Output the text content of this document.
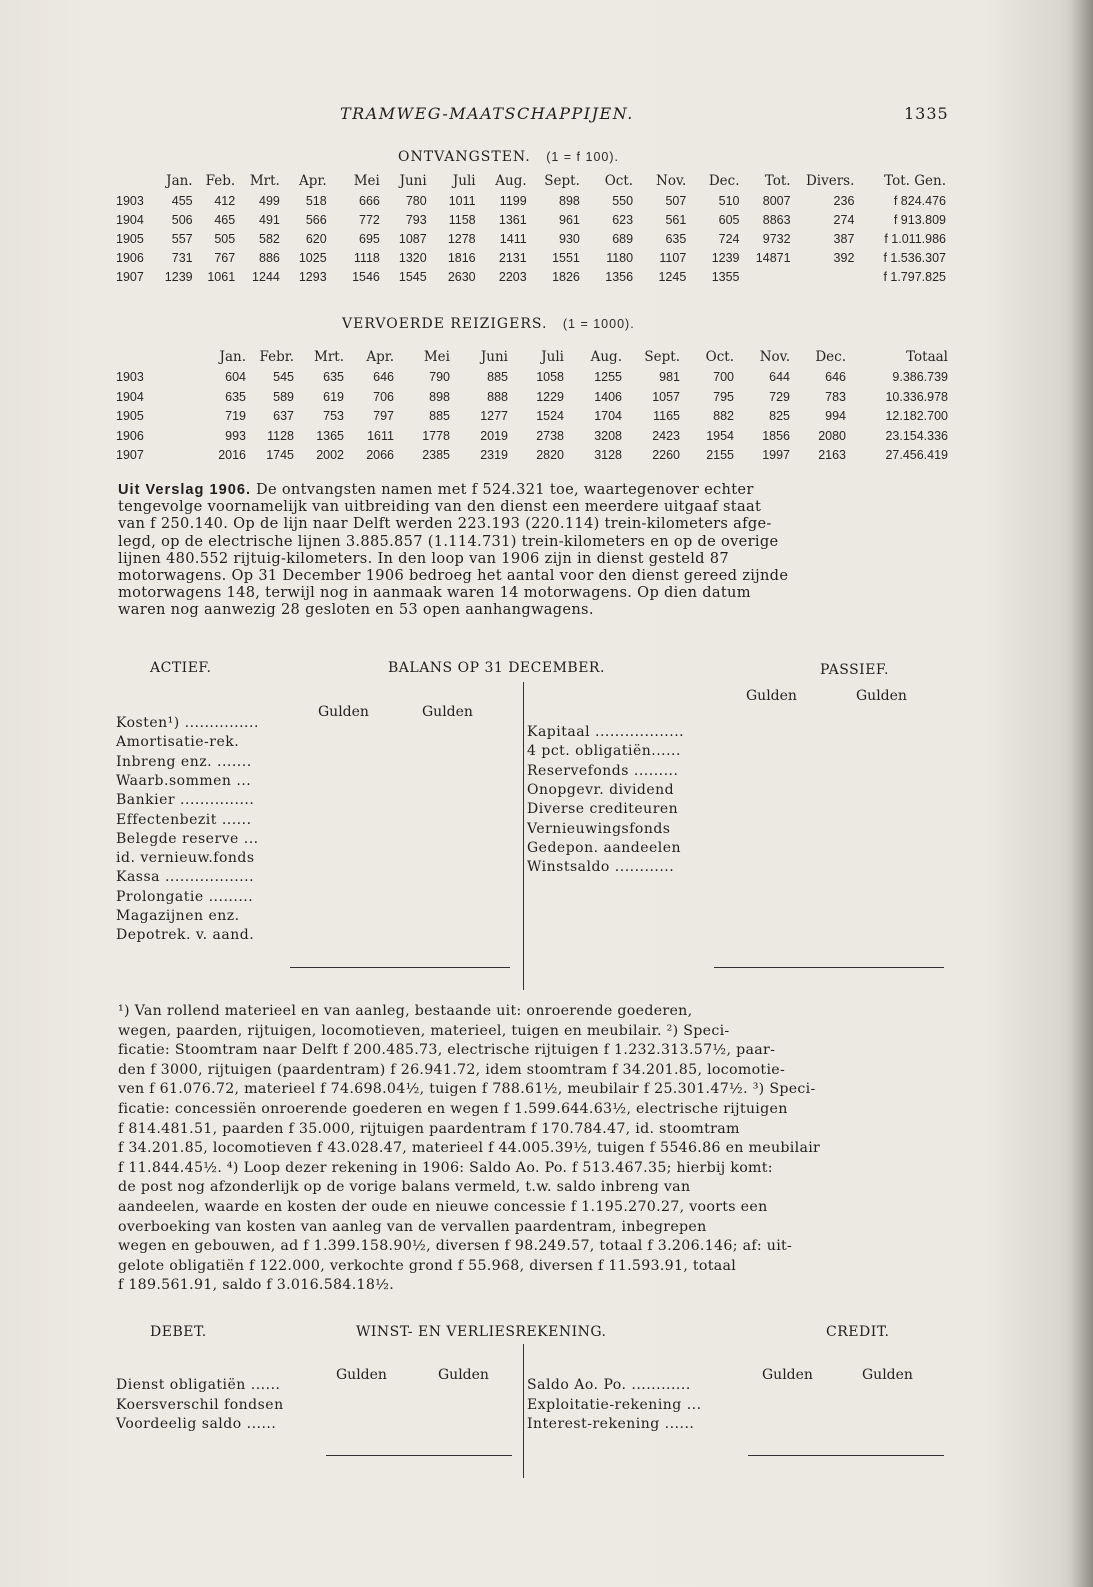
TRAMWEG-MAATSCHAPPIJEN.	1335
ONTVANGSTEN. (1 = f 100).
	Jan.	Feb.	Mrt.	Apr.	Mei	Juni	Juli	Aug.	Sept.	Oct.	Nov.	Dec.	Tot.	Divers.	Tot. Gen.
1903	455	412	499	518	666	780	1011	1199	898	550	507	510	8007	236	f 824.476
1904	506	465	491	566	772	793	1158	1361	961	623	561	605	8863	274	f 913.809
1905	557	505	582	620	695	1087	1278	1411	930	689	635	724	9732	387	f 1.011.986
1906	731	767	886	1025	1118	1320	1816	2131	1551	1180	1107	1239	14871	392	f 1.536.307
1907	1239	1061	1244	1293	1546	1545	2630	2203	1826	1356	1245	1355			f 1.797.825
VERVOERDE REIZIGERS. (1 = 1000).
	Jan.	Febr.	Mrt.	Apr.	Mei	Juni	Juli	Aug.	Sept.	Oct.	Nov.	Dec.	Totaal
1903	604	545	635	646	790	885	1058	1255	981	700	644	646	9.386.739
1904	635	589	619	706	898	888	1229	1406	1057	795	729	783	10.336.978
1905	719	637	753	797	885	1277	1524	1704	1165	882	825	994	12.182.700
1906	993	1128	1365	1611	1778	2019	2738	3208	2423	1954	1856	2080	23.154.336
1907	2016	1745	2002	2066	2385	2319	2820	3128	2260	2155	1997	2163	27.456.419
Uit Verslag 1906. De ontvangsten namen met f 524.321 toe, waartegenover echter
tengevolge voornamelijk van uitbreiding van den dienst een meerdere uitgaaf staat
van f 250.140. Op de lijn naar Delft werden 223.193 (220.114) trein-kilometers afge-
legd, op de electrische lijnen 3.885.857 (1.114.731) trein-kilometers en op de overige
lijnen 480.552 rijtuig-kilometers. In den loop van 1906 zijn in dienst gesteld 87
motorwagens. Op 31 December 1906 bedroeg het aantal voor den dienst gereed zijnde
motorwagens 148, terwijl nog in aanmaak waren 14 motorwagens. Op dien datum
waren nog aanwezig 28 gesloten en 53 open aanhangwagens.
ACTIEF.	BALANS OP 31 DECEMBER.	PASSIEF.
Gulden	Gulden
Gulden	Gulden
Kosten¹) ...............
Amortisatie-rek.
Inbreng enz. .......
Waarb.sommen ...
Bankier ...............
Effectenbezit ......
Belegde reserve ...
id. vernieuw.fonds
Kassa ..................
Prolongatie .........
Magazijnen enz.
Depotrek. v. aand.
Kapitaal ..................
4 pct. obligatiën......
Reservefonds .........
Onopgevr. dividend
Diverse crediteuren
Vernieuwingsfonds
Gedepon. aandeelen
Winstsaldo ............
¹) Van rollend materieel en van aanleg, bestaande uit: onroerende goederen,
wegen, paarden, rijtuigen, locomotieven, materieel, tuigen en meubilair. ²) Speci-
ficatie: Stoomtram naar Delft f 200.485.73, electrische rijtuigen f 1.232.313.57½, paar-
den f 3000, rijtuigen (paardentram) f 26.941.72, idem stoomtram f 34.201.85, locomotie-
ven f 61.076.72, materieel f 74.698.04½, tuigen f 788.61½, meubilair f 25.301.47½. ³) Speci-
ficatie: concessiën onroerende goederen en wegen f 1.599.644.63½, electrische rijtuigen
f 814.481.51, paarden f 35.000, rijtuigen paardentram f 170.784.47, id. stoomtram
f 34.201.85, locomotieven f 43.028.47, materieel f 44.005.39½, tuigen f 5546.86 en meubilair
f 11.844.45½. ⁴) Loop dezer rekening in 1906: Saldo Ao. Po. f 513.467.35; hierbij komt:
de post nog afzonderlijk op de vorige balans vermeld, t.w. saldo inbreng van
aandeelen, waarde en kosten der oude en nieuwe concessie f 1.195.270.27, voorts een
overboeking van kosten van aanleg van de vervallen paardentram, inbegrepen
wegen en gebouwen, ad f 1.399.158.90½, diversen f 98.249.57, totaal f 3.206.146; af: uit-
gelote obligatiën f 122.000, verkochte grond f 55.968, diversen f 11.593.91, totaal
f 189.561.91, saldo f 3.016.584.18½.
DEBET.	WINST- EN VERLIESREKENING.	CREDIT.
Gulden	Gulden	Gulden	Gulden
Dienst obligatiën ......
Koersverschil fondsen
Voordeelig saldo ......
Saldo Ao. Po. ............
Exploitatie-rekening ...
Interest-rekening ......
